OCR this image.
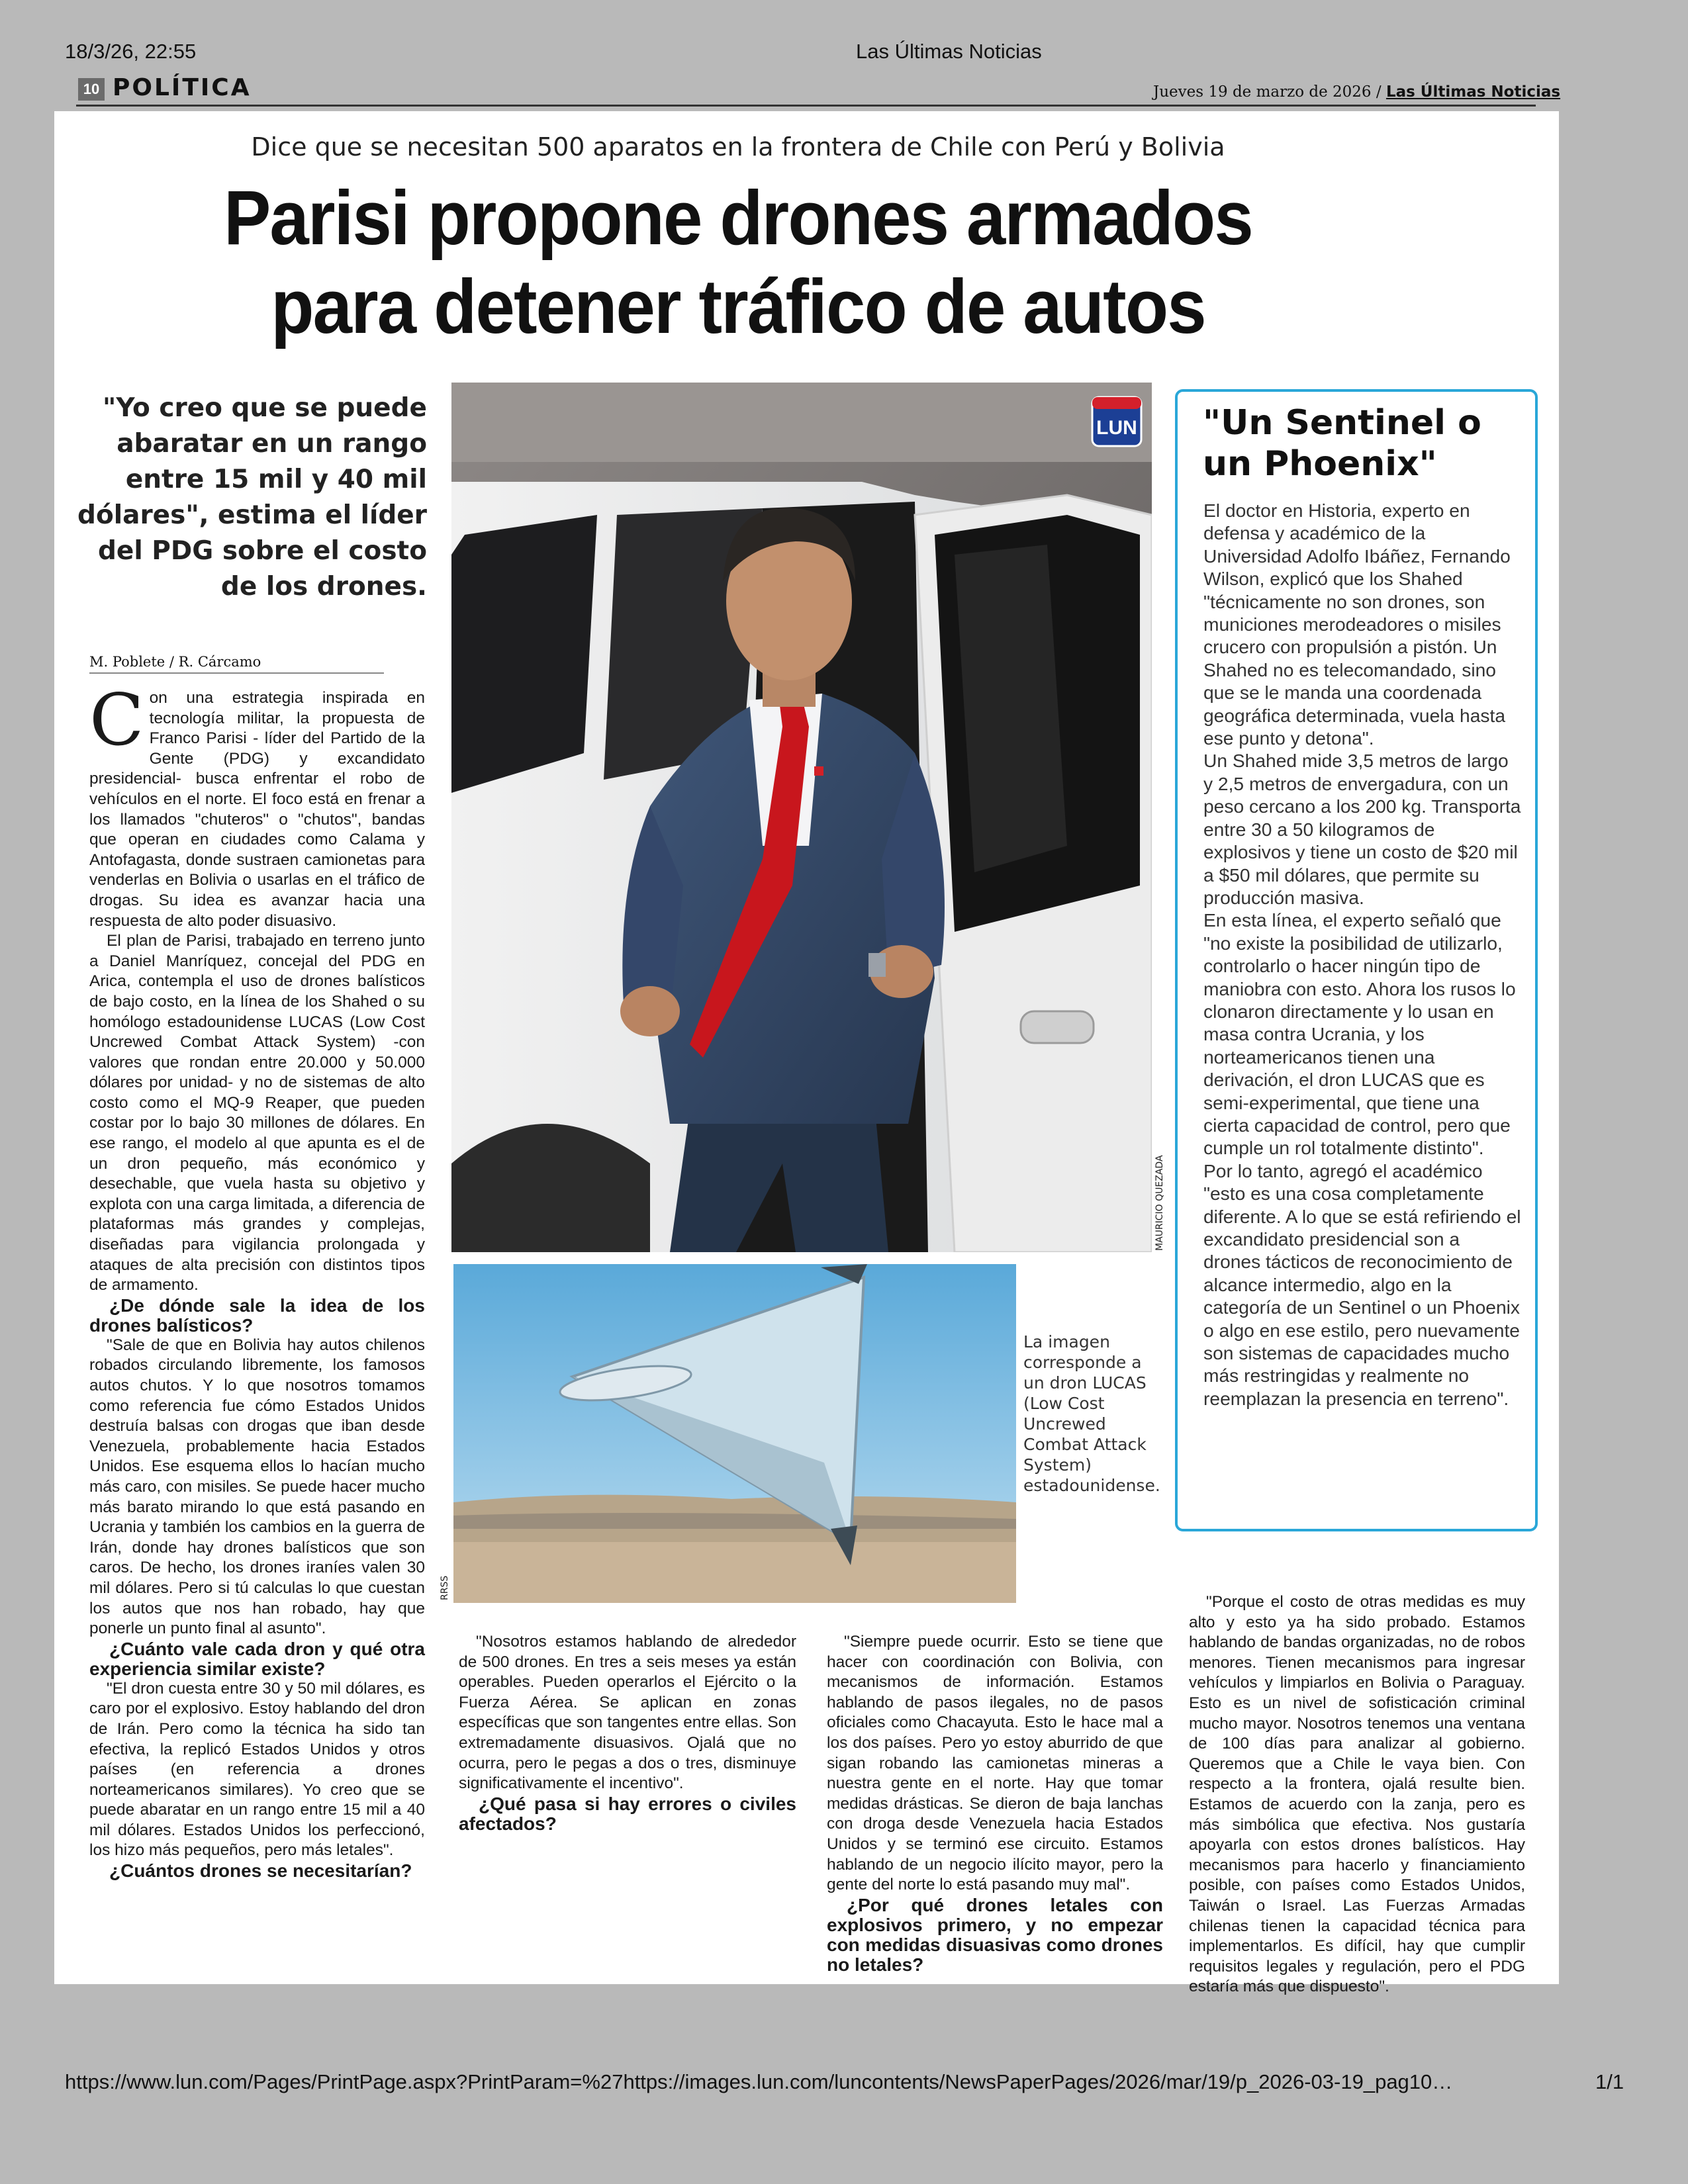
18/3/26, 22:55	Las Últimas Noticias
10 POLÍTICA	Jueves 19 de marzo de 2026 / Las Últimas Noticias
Dice que se necesitan 500 aparatos en la frontera de Chile con Perú y Bolivia
Parisi propone drones armados para detener tráfico de autos
"Yo creo que se puede abaratar en un rango entre 15 mil y 40 mil dólares", estima el líder del PDG sobre el costo de los drones.
M. Poblete / R. Cárcamo

Con una estrategia inspirada en tecnología militar, la propuesta de Franco Parisi - líder del Partido de la Gente (PDG) y excandidato presidencial- busca enfrentar el robo de vehículos en el norte. El foco está en frenar a los llamados "chuteros" o "chutos", bandas que operan en ciudades como Calama y Antofagasta, donde sustraen camionetas para venderlas en Bolivia o usarlas en el tráfico de drogas. Su idea es avanzar hacia una respuesta de alto poder disuasivo.

El plan de Parisi, trabajado en terreno junto a Daniel Manríquez, concejal del PDG en Arica, contempla el uso de drones balísticos de bajo costo, en la línea de los Shahed o su homólogo estadounidense LUCAS (Low Cost Uncrewed Combat Attack System) -con valores que rondan entre 20.000 y 50.000 dólares por unidad- y no de sistemas de alto costo como el MQ-9 Reaper, que pueden costar por lo bajo 30 millones de dólares. En ese rango, el modelo al que apunta es el de un dron pequeño, más económico y desechable, que vuela hasta su objetivo y explota con una carga limitada, a diferencia de plataformas más grandes y complejas, diseñadas para vigilancia prolongada y ataques de alta precisión con distintos tipos de armamento.

¿De dónde sale la idea de los drones balísticos?

"Sale de que en Bolivia hay autos chilenos robados circulando libremente, los famosos autos chutos. Y lo que nosotros tomamos como referencia fue cómo Estados Unidos destruía balsas con drogas que iban desde Venezuela, probablemente hacia Estados Unidos. Ese esquema ellos lo hacían mucho más caro, con misiles. Se puede hacer mucho más barato mirando lo que está pasando en Ucrania y también los cambios en la guerra de Irán, donde hay drones balísticos que son caros. De hecho, los drones iraníes valen 30 mil dólares. Pero si tú calculas lo que cuestan los autos que nos han robado, hay que ponerle un punto final al asunto".

¿Cuánto vale cada dron y qué otra experiencia similar existe?

"El dron cuesta entre 30 y 50 mil dólares, es caro por el explosivo. Estoy hablando del dron de Irán. Pero como la técnica ha sido tan efectiva, la replicó Estados Unidos y otros países (en referencia a drones norteamericanos similares). Yo creo que se puede abaratar en un rango entre 15 mil a 40 mil dólares. Estados Unidos los perfeccionó, los hizo más pequeños, pero más letales".

¿Cuántos drones se necesitarían?

"Nosotros estamos hablando de alrededor de 500 drones. En tres a seis meses ya están operables. Pueden operarlos el Ejército o la Fuerza Aérea. Se aplican en zonas específicas que son tangentes entre ellas. Son extremadamente disuasivos. Ojalá que no ocurra, pero le pegas a dos o tres, disminuye significativamente el incentivo".

¿Qué pasa si hay errores o civiles afectados?

"Siempre puede ocurrir. Esto se tiene que hacer con coordinación con Bolivia, con mecanismos de información. Estamos hablando de pasos ilegales, no de pasos oficiales como Chacayuta. Esto le hace mal a los dos países. Pero yo estoy aburrido de que sigan robando las camionetas mineras a nuestra gente en el norte. Hay que tomar medidas drásticas. Se dieron de baja lanchas con droga desde Venezuela hacia Estados Unidos y se terminó ese circuito. Estamos hablando de un negocio ilícito mayor, pero la gente del norte lo está pasando muy mal".

¿Por qué drones letales con explosivos primero, y no empezar con medidas disuasivas como drones no letales?

"Porque el costo de otras medidas es muy alto y esto ya ha sido probado. Estamos hablando de bandas organizadas, no de robos menores. Tienen mecanismos para ingresar vehículos y limpiarlos en Bolivia o Paraguay. Esto es un nivel de sofisticación criminal mucho mayor. Nosotros tenemos una ventana de 100 días para analizar al gobierno. Queremos que a Chile le vaya bien. Con respecto a la frontera, ojalá resulte bien. Estamos de acuerdo con la zanja, pero es más simbólica que efectiva. Nos gustaría apoyarla con estos drones balísticos. Hay mecanismos para hacerlo y financiamiento posible, con países como Estados Unidos, Taiwán o Israel. Las Fuerzas Armadas chilenas tienen la capacidad técnica para implementarlos. Es difícil, hay que cumplir requisitos legales y regulación, pero el PDG estaría más que dispuesto".

LUN
MAURICIO QUEZADA
RRSS
La imagen corresponde a un dron LUCAS (Low Cost Uncrewed Combat Attack System) estadounidense.
"Un Sentinel o un Phoenix"

El doctor en Historia, experto en defensa y académico de la Universidad Adolfo Ibáñez, Fernando Wilson, explicó que los Shahed "técnicamente no son drones, son municiones merodeadores o misiles crucero con propulsión a pistón. Un Shahed no es telecomandado, sino que se le manda una coordenada geográfica determinada, vuela hasta ese punto y detona".

Un Shahed mide 3,5 metros de largo y 2,5 metros de envergadura, con un peso cercano a los 200 kg. Transporta entre 30 a 50 kilogramos de explosivos y tiene un costo de $20 mil a $50 mil dólares, que permite su producción masiva.

En esta línea, el experto señaló que "no existe la posibilidad de utilizarlo, controlarlo o hacer ningún tipo de maniobra con esto. Ahora los rusos lo clonaron directamente y lo usan en masa contra Ucrania, y los norteamericanos tienen una derivación, el dron LUCAS que es semi-experimental, que tiene una cierta capacidad de control, pero que cumple un rol totalmente distinto".

Por lo tanto, agregó el académico "esto es una cosa completamente diferente. A lo que se está refiriendo el excandidato presidencial son a drones tácticos de reconocimiento de alcance intermedio, algo en la categoría de un Sentinel o un Phoenix o algo en ese estilo, pero nuevamente son sistemas de capacidades mucho más restringidas y realmente no reemplazan la presencia en terreno".

https://www.lun.com/Pages/PrintPage.aspx?PrintParam=%27https://images.lun.com/luncontents/NewsPaperPages/2026/mar/19/p_2026-03-19_pag10…	1/1
